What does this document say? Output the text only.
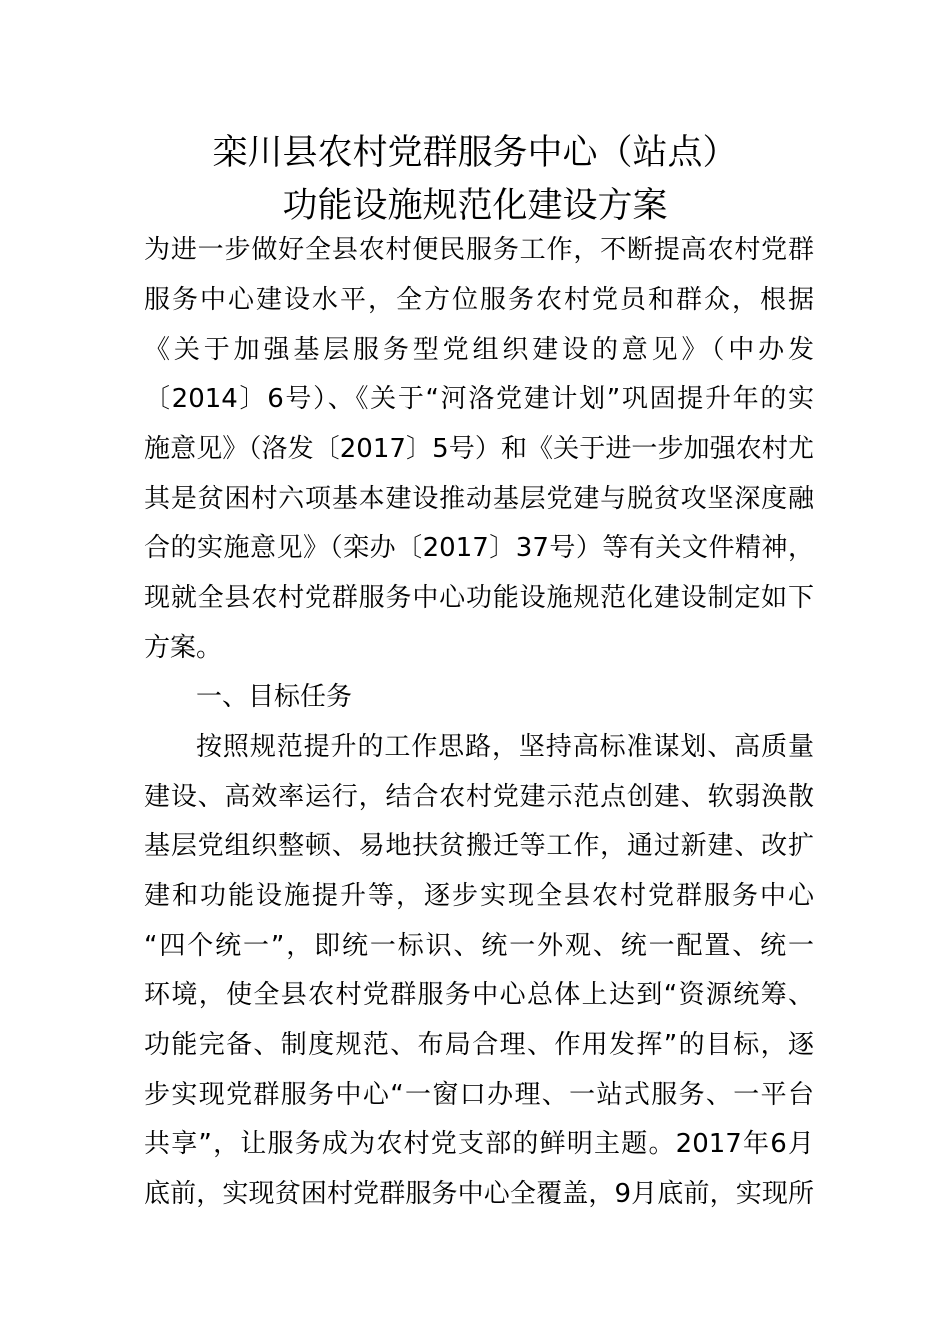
栾川县农村党群服务中心（站点）
功能设施规范化建设方案
为进一步做好全县农村便民服务工作，不断提高农村党群
服务中心建设水平，全方位服务农村党员和群众，根据
《关于加强基层服务型党组织建设的意见》（中办发
〔2014〕6号）、《关于“河洛党建计划”巩固提升年的实
施意见》（洛发〔2017〕5号）和《关于进一步加强农村尤
其是贫困村六项基本建设推动基层党建与脱贫攻坚深度融
合的实施意见》（栾办〔2017〕37号）等有关文件精神，
现就全县农村党群服务中心功能设施规范化建设制定如下
方案。
一、目标任务
按照规范提升的工作思路，坚持高标准谋划、高质量
建设、高效率运行，结合农村党建示范点创建、软弱涣散
基层党组织整顿、易地扶贫搬迁等工作，通过新建、改扩
建和功能设施提升等，逐步实现全县农村党群服务中心
“四个统一”，即统一标识、统一外观、统一配置、统一
环境，使全县农村党群服务中心总体上达到“资源统筹、
功能完备、制度规范、布局合理、作用发挥”的目标，逐
步实现党群服务中心“一窗口办理、一站式服务、一平台
共享”，让服务成为农村党支部的鲜明主题。2017年6月
底前，实现贫困村党群服务中心全覆盖，9月底前，实现所
